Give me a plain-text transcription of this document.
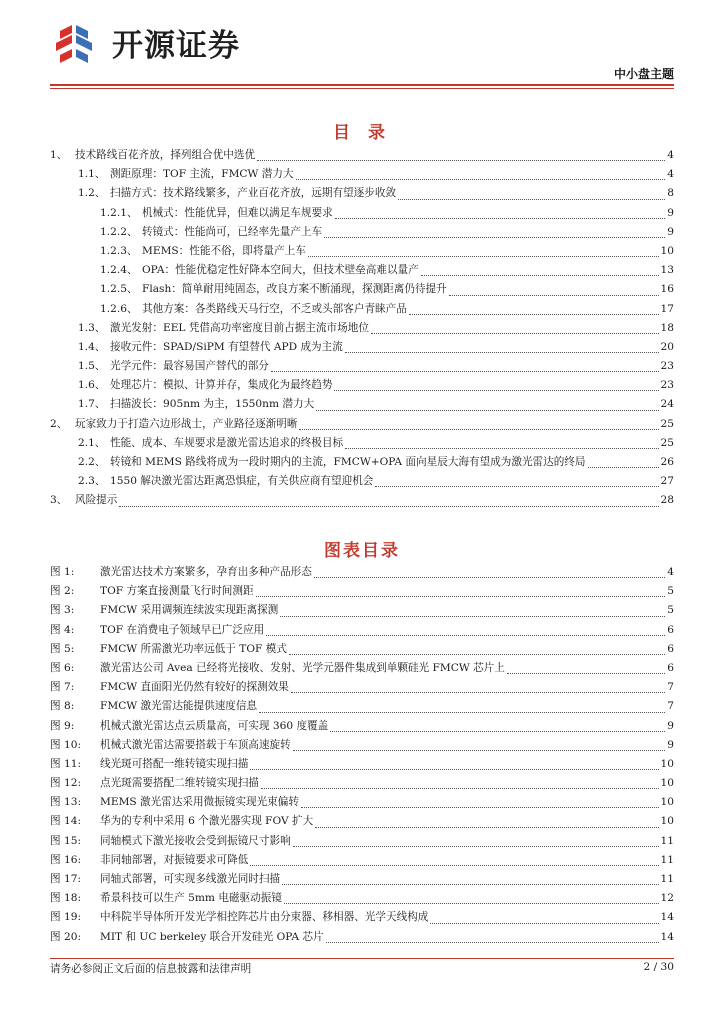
开源证券
中小盘主题
目 录
1、 技术路线百花齐放，择列组合优中选优	4
1.1、 测距原理：TOF 主流，FMCW 潜力大	4
1.2、 扫描方式：技术路线繁多，产业百花齐放，远期有望逐步收敛	8
1.2.1、 机械式：性能优异，但难以满足车规要求	9
1.2.2、 转镜式：性能尚可，已经率先量产上车	9
1.2.3、 MEMS：性能不俗，即将量产上车	10
1.2.4、 OPA：性能优稳定性好降本空间大，但技术壁垒高难以量产	13
1.2.5、 Flash：简单耐用纯固态，改良方案不断涌现，探测距离仍待提升	16
1.2.6、 其他方案：各类路线天马行空，不乏或头部客户青睐产品	17
1.3、 激光发射：EEL 凭借高功率密度目前占据主流市场地位	18
1.4、 接收元件：SPAD/SiPM 有望替代 APD 成为主流	20
1.5、 光学元件：最容易国产替代的部分	23
1.6、 处理芯片：模拟、计算并存，集成化为最终趋势	23
1.7、 扫描波长：905nm 为主，1550nm 潜力大	24
2、 玩家致力于打造六边形战士，产业路径逐渐明晰	25
2.1、 性能、成本、车规要求是激光雷达追求的终极目标	25
2.2、 转镜和 MEMS 路线将成为一段时期内的主流，FMCW+OPA 面向星辰大海有望成为激光雷达的终局	26
2.3、 1550 解决激光雷达距离恐惧症，有关供应商有望迎机会	27
3、 风险提示	28
图表目录
图 1:	激光雷达技术方案繁多，孕育出多种产品形态	4
图 2:	TOF 方案直接测量飞行时间测距	5
图 3:	FMCW 采用调频连续波实现距离探测	5
图 4:	TOF 在消费电子领域早已广泛应用	6
图 5:	FMCW 所需激光功率远低于 TOF 模式	6
图 6:	激光雷达公司 Avea 已经将光接收、发射、光学元器件集成到单颗硅光 FMCW 芯片上	6
图 7:	FMCW 直面阳光仍然有较好的探测效果	7
图 8:	FMCW 激光雷达能提供速度信息	7
图 9:	机械式激光雷达点云质量高，可实现 360 度覆盖	9
图 10:	机械式激光雷达需要搭载于车顶高速旋转	9
图 11:	线光斑可搭配一维转镜实现扫描	10
图 12:	点光斑需要搭配二维转镜实现扫描	10
图 13:	MEMS 激光雷达采用微振镜实现光束偏转	10
图 14:	华为的专利中采用 6 个激光器实现 FOV 扩大	10
图 15:	同轴模式下激光接收会受到振镜尺寸影响	11
图 16:	非同轴部署，对振镜要求可降低	11
图 17:	同轴式部署，可实现多线激光同时扫描	11
图 18:	希景科技可以生产 5mm 电磁驱动振镜	12
图 19:	中科院半导体所开发光学相控阵芯片由分束器、移相器、光学天线构成	14
图 20:	MIT 和 UC berkeley 联合开发硅光 OPA 芯片	14
请务必参阅正文后面的信息披露和法律声明	2 / 30
